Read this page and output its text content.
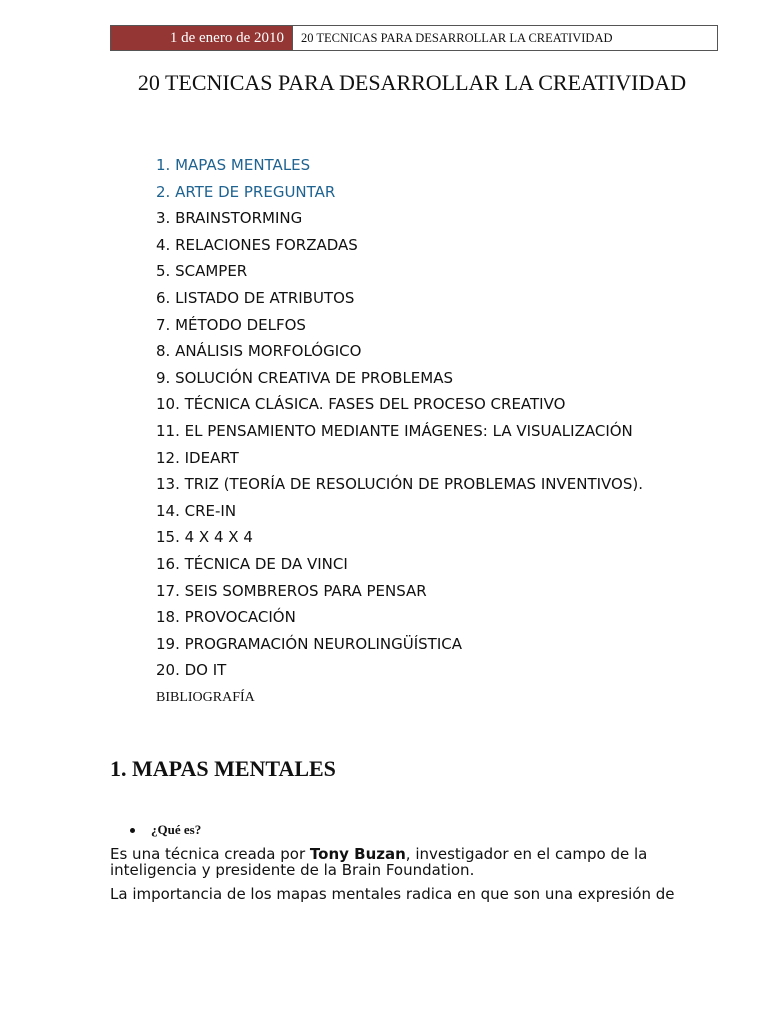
1 de enero de 2010	20 TECNICAS PARA DESARROLLAR LA CREATIVIDAD
20 TECNICAS PARA DESARROLLAR LA CREATIVIDAD
1. MAPAS MENTALES
2. ARTE DE PREGUNTAR
3. BRAINSTORMING
4. RELACIONES FORZADAS
5. SCAMPER
6. LISTADO DE ATRIBUTOS
7. MÉTODO DELFOS
8. ANÁLISIS MORFOLÓGICO
9. SOLUCIÓN CREATIVA DE PROBLEMAS
10. TÉCNICA CLÁSICA. FASES DEL PROCESO CREATIVO
11. EL PENSAMIENTO MEDIANTE IMÁGENES: LA VISUALIZACIÓN
12. IDEART
13. TRIZ (TEORÍA DE RESOLUCIÓN DE PROBLEMAS INVENTIVOS).
14. CRE-IN
15. 4 X 4 X 4
16. TÉCNICA DE DA VINCI
17. SEIS SOMBREROS PARA PENSAR
18. PROVOCACIÓN
19. PROGRAMACIÓN NEUROLINGÜÍSTICA
20. DO IT
BIBLIOGRAFÍA
1. MAPAS MENTALES
¿Qué es?
Es una técnica creada por Tony Buzan, investigador en el campo de la inteligencia y presidente de la Brain Foundation.
La importancia de los mapas mentales radica en que son una expresión de
